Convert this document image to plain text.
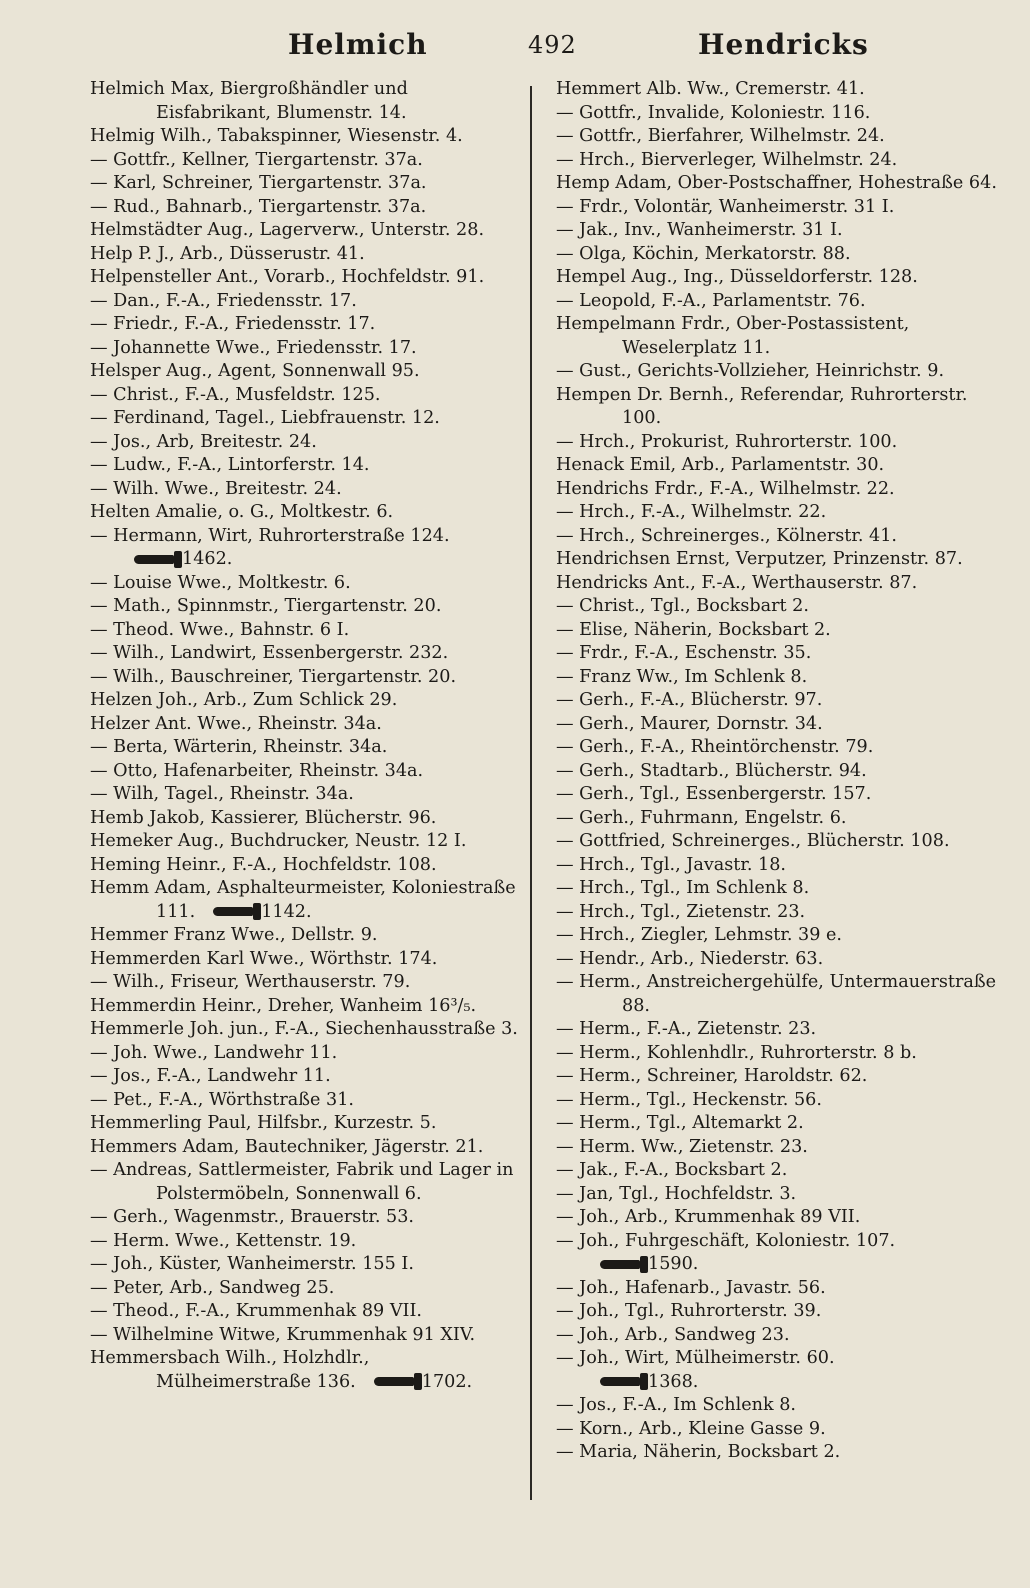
Helmich	492	Hendricks
Helmich Max, Biergroßhändler und Eisfabrikant, Blumenstr. 14.
Helmig Wilh., Tabakspinner, Wiesenstr. 4.
— Gottfr., Kellner, Tiergartenstr. 37a.
— Karl, Schreiner, Tiergartenstr. 37a.
— Rud., Bahnarb., Tiergartenstr. 37a.
Helmstädter Aug., Lagerverw., Unterstr. 28.
Help P. J., Arb., Düsserustr. 41.
Helpensteller Ant., Vorarb., Hochfeldstr. 91.
— Dan., F.-A., Friedensstr. 17.
— Friedr., F.-A., Friedensstr. 17.
— Johannette Wwe., Friedensstr. 17.
Helsper Aug., Agent, Sonnenwall 95.
— Christ., F.-A., Musfeldstr. 125.
— Ferdinand, Tagel., Liebfrauenstr. 12.
— Jos., Arb, Breitestr. 24.
— Ludw., F.-A., Lintorferstr. 14.
— Wilh. Wwe., Breitestr. 24.
Helten Amalie, o. G., Moltkestr. 6.
— Hermann, Wirt, Ruhrorterstraße 124.
1462.
— Louise Wwe., Moltkestr. 6.
— Math., Spinnmstr., Tiergartenstr. 20.
— Theod. Wwe., Bahnstr. 6 I.
— Wilh., Landwirt, Essenbergerstr. 232.
— Wilh., Bauschreiner, Tiergartenstr. 20.
Helzen Joh., Arb., Zum Schlick 29.
Helzer Ant. Wwe., Rheinstr. 34a.
— Berta, Wärterin, Rheinstr. 34a.
— Otto, Hafenarbeiter, Rheinstr. 34a.
— Wilh, Tagel., Rheinstr. 34a.
Hemb Jakob, Kassierer, Blücherstr. 96.
Hemeker Aug., Buchdrucker, Neustr. 12 I.
Heming Heinr., F.-A., Hochfeldstr. 108.
Hemm Adam, Asphalteurmeister, Koloniestraße 111.	1142.
Hemmer Franz Wwe., Dellstr. 9.
Hemmerden Karl Wwe., Wörthstr. 174.
— Wilh., Friseur, Werthauserstr. 79.
Hemmerdin Heinr., Dreher, Wanheim 16³/₅.
Hemmerle Joh. jun., F.-A., Siechenhausstraße 3.
— Joh. Wwe., Landwehr 11.
— Jos., F.-A., Landwehr 11.
— Pet., F.-A., Wörthstraße 31.
Hemmerling Paul, Hilfsbr., Kurzestr. 5.
Hemmers Adam, Bautechniker, Jägerstr. 21.
— Andreas, Sattlermeister, Fabrik und Lager in Polstermöbeln, Sonnenwall 6.
— Gerh., Wagenmstr., Brauerstr. 53.
— Herm. Wwe., Kettenstr. 19.
— Joh., Küster, Wanheimerstr. 155 I.
— Peter, Arb., Sandweg 25.
— Theod., F.-A., Krummenhak 89 VII.
— Wilhelmine Witwe, Krummenhak 91 XIV.
Hemmersbach Wilh., Holzhdlr., Mülheimerstraße 136.	1702.
Hemmert Alb. Ww., Cremerstr. 41.
— Gottfr., Invalide, Koloniestr. 116.
— Gottfr., Bierfahrer, Wilhelmstr. 24.
— Hrch., Bierverleger, Wilhelmstr. 24.
Hemp Adam, Ober-Postschaffner, Hohestraße 64.
— Frdr., Volontär, Wanheimerstr. 31 I.
— Jak., Inv., Wanheimerstr. 31 I.
— Olga, Köchin, Merkatorstr. 88.
Hempel Aug., Ing., Düsseldorferstr. 128.
— Leopold, F.-A., Parlamentstr. 76.
Hempelmann Frdr., Ober-Postassistent, Weselerplatz 11.
— Gust., Gerichts-Vollzieher, Heinrichstr. 9.
Hempen Dr. Bernh., Referendar, Ruhrorterstr. 100.
— Hrch., Prokurist, Ruhrorterstr. 100.
Henack Emil, Arb., Parlamentstr. 30.
Hendrichs Frdr., F.-A., Wilhelmstr. 22.
— Hrch., F.-A., Wilhelmstr. 22.
— Hrch., Schreinerges., Kölnerstr. 41.
Hendrichsen Ernst, Verputzer, Prinzenstr. 87.
Hendricks Ant., F.-A., Werthauserstr. 87.
— Christ., Tgl., Bocksbart 2.
— Elise, Näherin, Bocksbart 2.
— Frdr., F.-A., Eschenstr. 35.
— Franz Ww., Im Schlenk 8.
— Gerh., F.-A., Blücherstr. 97.
— Gerh., Maurer, Dornstr. 34.
— Gerh., F.-A., Rheintörchenstr. 79.
— Gerh., Stadtarb., Blücherstr. 94.
— Gerh., Tgl., Essenbergerstr. 157.
— Gerh., Fuhrmann, Engelstr. 6.
— Gottfried, Schreinerges., Blücherstr. 108.
— Hrch., Tgl., Javastr. 18.
— Hrch., Tgl., Im Schlenk 8.
— Hrch., Tgl., Zietenstr. 23.
— Hrch., Ziegler, Lehmstr. 39 e.
— Hendr., Arb., Niederstr. 63.
— Herm., Anstreichergehülfe, Untermauerstraße 88.
— Herm., F.-A., Zietenstr. 23.
— Herm., Kohlenhdlr., Ruhrorterstr. 8 b.
— Herm., Schreiner, Haroldstr. 62.
— Herm., Tgl., Heckenstr. 56.
— Herm., Tgl., Altemarkt 2.
— Herm. Ww., Zietenstr. 23.
— Jak., F.-A., Bocksbart 2.
— Jan, Tgl., Hochfeldstr. 3.
— Joh., Arb., Krummenhak 89 VII.
— Joh., Fuhrgeschäft, Koloniestr. 107.
1590.
— Joh., Hafenarb., Javastr. 56.
— Joh., Tgl., Ruhrorterstr. 39.
— Joh., Arb., Sandweg 23.
— Joh., Wirt, Mülheimerstr. 60.
1368.
— Jos., F.-A., Im Schlenk 8.
— Korn., Arb., Kleine Gasse 9.
— Maria, Näherin, Bocksbart 2.
